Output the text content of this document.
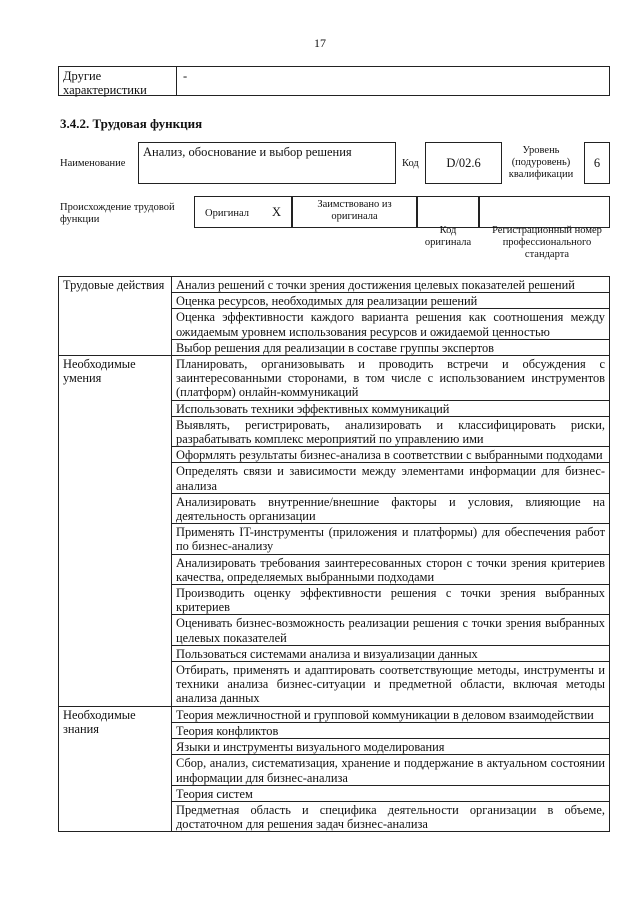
17
Другие характеристики
-
3.4.2. Трудовая функция
Наименование
Анализ, обоснование и выбор решения
Код	D/02.6
Уровень (подуровень) квалификации
6
Происхождение трудовой функции
Оригинал X
Заимствовано из оригинала
Код оригинала
Регистрационный номер профессионального стандарта
Трудовые действия	Анализ решений с точки зрения достижения целевых показателей решений
	Оценка ресурсов, необходимых для реализации решений
	Оценка эффективности каждого варианта решения как соотношения между ожидаемым уровнем использования ресурсов и ожидаемой ценностью
	Выбор решения для реализации в составе группы экспертов
Необходимые умения	Планировать, организовывать и проводить встречи и обсуждения с заинтересованными сторонами, в том числе с использованием инструментов (платформ) онлайн-коммуникаций
	Использовать техники эффективных коммуникаций
	Выявлять, регистрировать, анализировать и классифицировать риски, разрабатывать комплекс мероприятий по управлению ими
	Оформлять результаты бизнес-анализа в соответствии с выбранными подходами
	Определять связи и зависимости между элементами информации для бизнес-анализа
	Анализировать внутренние/внешние факторы и условия, влияющие на деятельность организации
	Применять IT-инструменты (приложения и платформы) для обеспечения работ по бизнес-анализу
	Анализировать требования заинтересованных сторон с точки зрения критериев качества, определяемых выбранными подходами
	Производить оценку эффективности решения с точки зрения выбранных критериев
	Оценивать бизнес-возможность реализации решения с точки зрения выбранных целевых показателей
	Пользоваться системами анализа и визуализации данных
	Отбирать, применять и адаптировать соответствующие методы, инструменты и техники анализа бизнес-ситуации и предметной области, включая методы анализа данных
Необходимые знания	Теория межличностной и групповой коммуникации в деловом взаимодействии
	Теория конфликтов
	Языки и инструменты визуального моделирования
	Сбор, анализ, систематизация, хранение и поддержание в актуальном состоянии информации для бизнес-анализа
	Теория систем
	Предметная область и специфика деятельности организации в объеме, достаточном для решения задач бизнес-анализа
